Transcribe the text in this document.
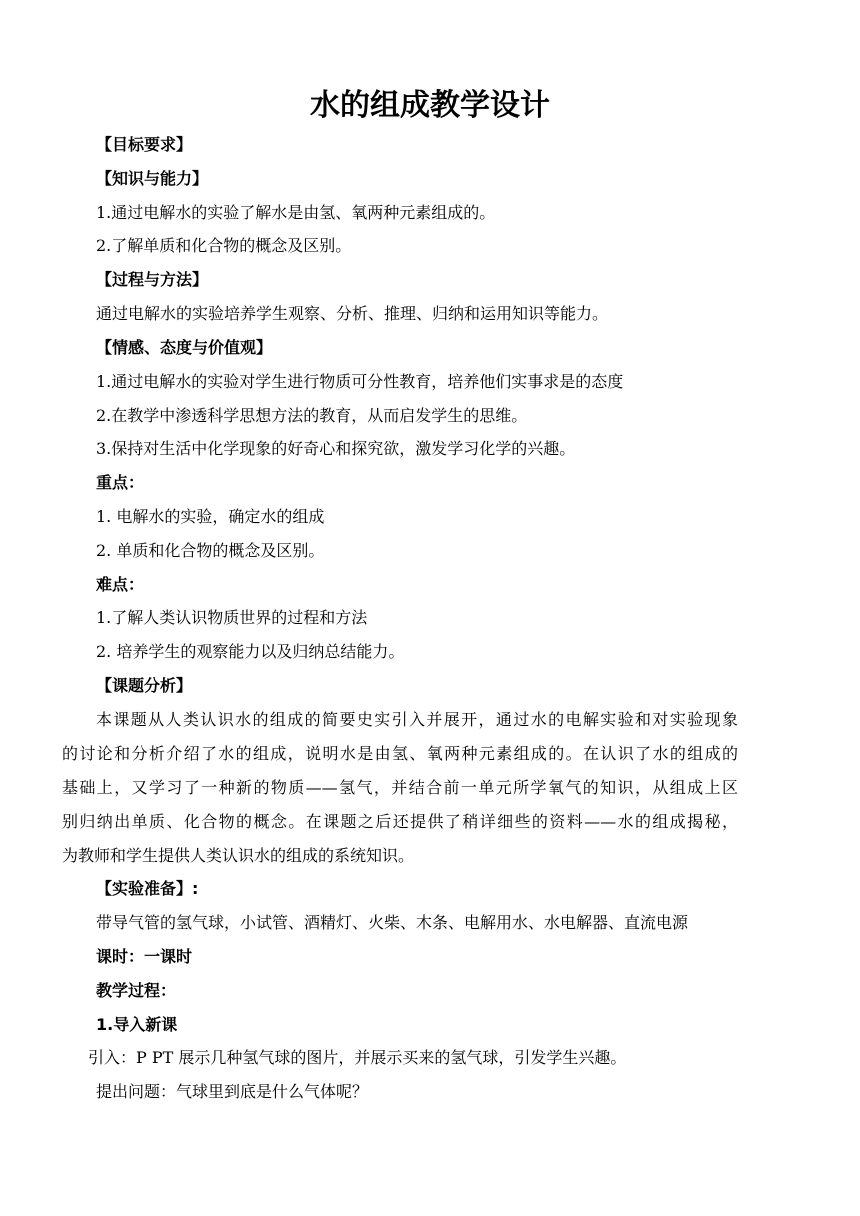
水的组成教学设计
【目标要求】
【知识与能力】
1.通过电解水的实验了解水是由氢、氧两种元素组成的。
2.了解单质和化合物的概念及区别。
【过程与方法】
通过电解水的实验培养学生观察、分析、推理、归纳和运用知识等能力。
【情感、态度与价值观】
1.通过电解水的实验对学生进行物质可分性教育，培养他们实事求是的态度
2.在教学中渗透科学思想方法的教育，从而启发学生的思维。
3.保持对生活中化学现象的好奇心和探究欲，激发学习化学的兴趣。
重点：
1. 电解水的实验，确定水的组成
2. 单质和化合物的概念及区别。
难点：
1.了解人类认识物质世界的过程和方法
2. 培养学生的观察能力以及归纳总结能力。
【课题分析】
本课题从人类认识水的组成的简要史实引入并展开，通过水的电解实验和对实验现象
的讨论和分析介绍了水的组成，说明水是由氢、氧两种元素组成的。在认识了水的组成的
基础上，又学习了一种新的物质——氢气，并结合前一单元所学氧气的知识，从组成上区
别归纳出单质、化合物的概念。在课题之后还提供了稍详细些的资料——水的组成揭秘，
为教师和学生提供人类认识水的组成的系统知识。
【实验准备】:
带导气管的氢气球，小试管、酒精灯、火柴、木条、电解用水、水电解器、直流电源
课时：一课时
教学过程：
1.导入新课
引入：P PT 展示几种氢气球的图片，并展示买来的氢气球，引发学生兴趣。
提出问题：气球里到底是什么气体呢？
